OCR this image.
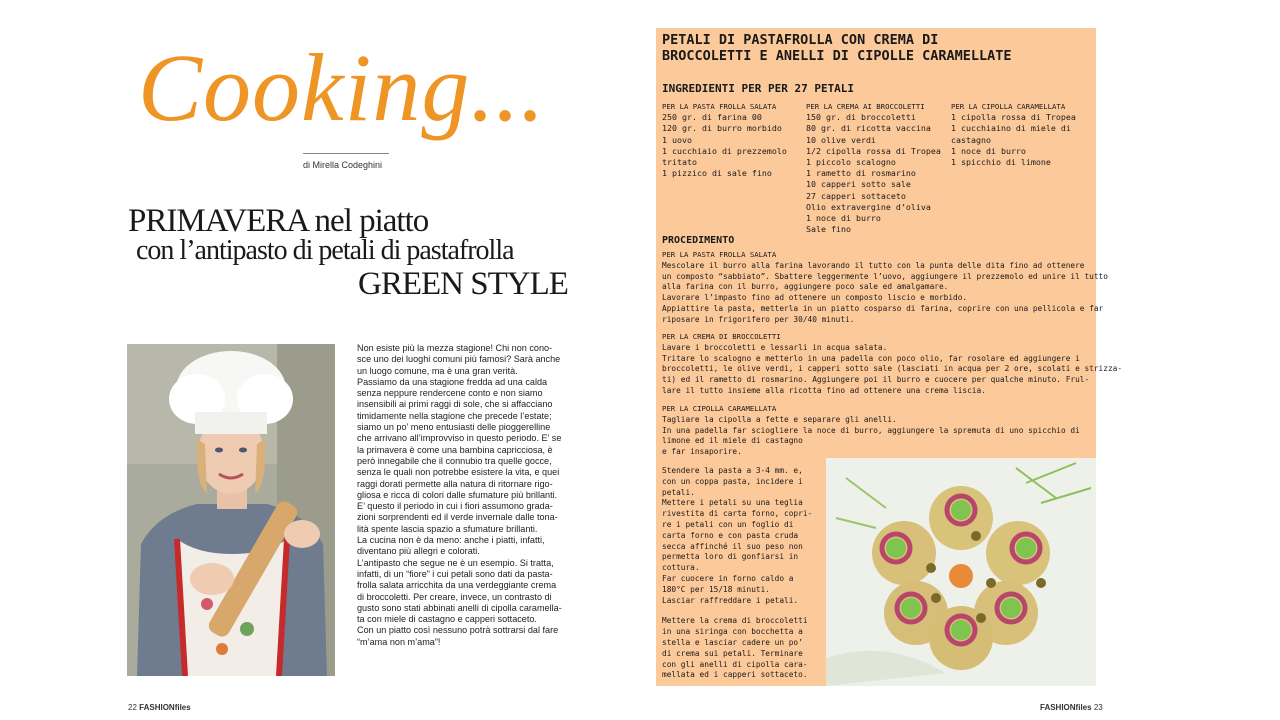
Cooking...
di Mirella Codeghini
PRIMAVERA nel piatto
con l’antipasto di petali di pastafrolla
GREEN STYLE

Non esiste più la mezza stagione! Chi non cono-

sce uno dei luoghi comuni più famosi? Sarà anche

un luogo comune, ma è una gran verità.

Passiamo da una stagione fredda ad una calda

senza neppure rendercene conto e non siamo

insensibili ai primi raggi di sole, che si affacciano

timidamente nella stagione che precede l’estate;

siamo un po’ meno entusiasti delle pioggerelline

che arrivano all’improvviso in questo periodo. E’ se

la primavera è come una bambina capricciosa, è

però innegabile che il connubio tra quelle gocce,

senza le quali non potrebbe esistere la vita, e quei

raggi dorati permette alla natura di ritornare rigo-

gliosa e ricca di colori dalle sfumature più brillanti.

E’ questo il periodo in cui i fiori assumono grada-

zioni sorprendenti ed il verde invernale dalle tona-

lità spente lascia spazio a sfumature brillanti.

La cucina non è da meno: anche i piatti, infatti,

diventano più allegri e colorati.

L’antipasto che segue ne è un esempio. Si tratta,

infatti, di un “fiore” i cui petali sono dati da pasta-

frolla salata arricchita da una verdeggiante crema

di broccoletti. Per creare, invece, un contrasto di

gusto sono stati abbinati anelli di cipolla caramella-

ta con miele di castagno e capperi sottaceto.

Con un piatto così nessuno potrà sottrarsi dal fare

“m’ama non m’ama”!

22 FASHIONfiles
PETALI DI PASTAFROLLA CON CREMA DI
BROCCOLETTI E ANELLI DI CIPOLLE CARAMELLATE
INGREDIENTI PER PER 27 PETALI
PER LA PASTA FROLLA SALATA
250 gr. di farina 00
120 gr. di burro morbido
1 uovo
1 cucchiaio di prezzemolo
tritato
1 pizzico di sale fino
PER LA CREMA AI BROCCOLETTI
150 gr. di broccoletti
80 gr. di ricotta vaccina
10 olive verdi
1/2 cipolla rossa di Tropea
1 piccolo scalogno
1 rametto di rosmarino
10 capperi sotto sale
27 capperi sottaceto
Olio extravergine d’oliva
1 noce di burro
Sale fino
PER LA CIPOLLA CARAMELLATA
1 cipolla rossa di Tropea
1 cucchiaino di miele di
castagno
1 noce di burro
1 spicchio di limone
PROCEDIMENTO
PER LA PASTA FROLLA SALATA
Mescolare il burro alla farina lavorando il tutto con la punta delle dita fino ad ottenere
un composto “sabbiato”. Sbattere leggermente l’uovo, aggiungere il prezzemolo ed unire il tutto
alla farina con il burro, aggiungere poco sale ed amalgamare.
Lavorare l’impasto fino ad ottenere un composto liscio e morbido.
Appiattire la pasta, metterla in un piatto cosparso di farina, coprire con una pellicola e far
riposare in frigorifero per 30/40 minuti.
PER LA CREMA DI BROCCOLETTI
Lavare i broccoletti e lessarli in acqua salata.
Tritare lo scalogno e metterlo in una padella con poco olio, far rosolare ed aggiungere i
broccoletti, le olive verdi, i capperi sotto sale (lasciati in acqua per 2 ore, scolati e strizza-
ti) ed il rametto di rosmarino. Aggiungere poi il burro e cuocere per qualche minuto. Frul-
lare il tutto insieme alla ricotta fino ad ottenere una crema liscia.
PER LA CIPOLLA CARAMELLATA
Tagliare la cipolla a fette e separare gli anelli.
In una padella far sciogliere la noce di burro, aggiungere la spremuta di uno spicchio di
limone ed il miele di castagno
e far insaporire.
Stendere la pasta a 3-4 mm. e,
con un coppa pasta, incidere i
petali.
Mettere i petali su una teglia
rivestita di carta forno, copri-
re i petali con un foglio di
carta forno e con pasta cruda
secca affinché il suo peso non
permetta loro di gonfiarsi in
cottura.
Far cuocere in forno caldo a
180°C per 15/18 minuti.
Lasciar raffreddare i petali.
Mettere la crema di broccoletti
in una siringa con bocchetta a
stella e lasciar cadere un po’
di crema sui petali. Terminare
con gli anelli di cipolla cara-
mellata ed i capperi sottaceto.
FASHIONfiles 23
